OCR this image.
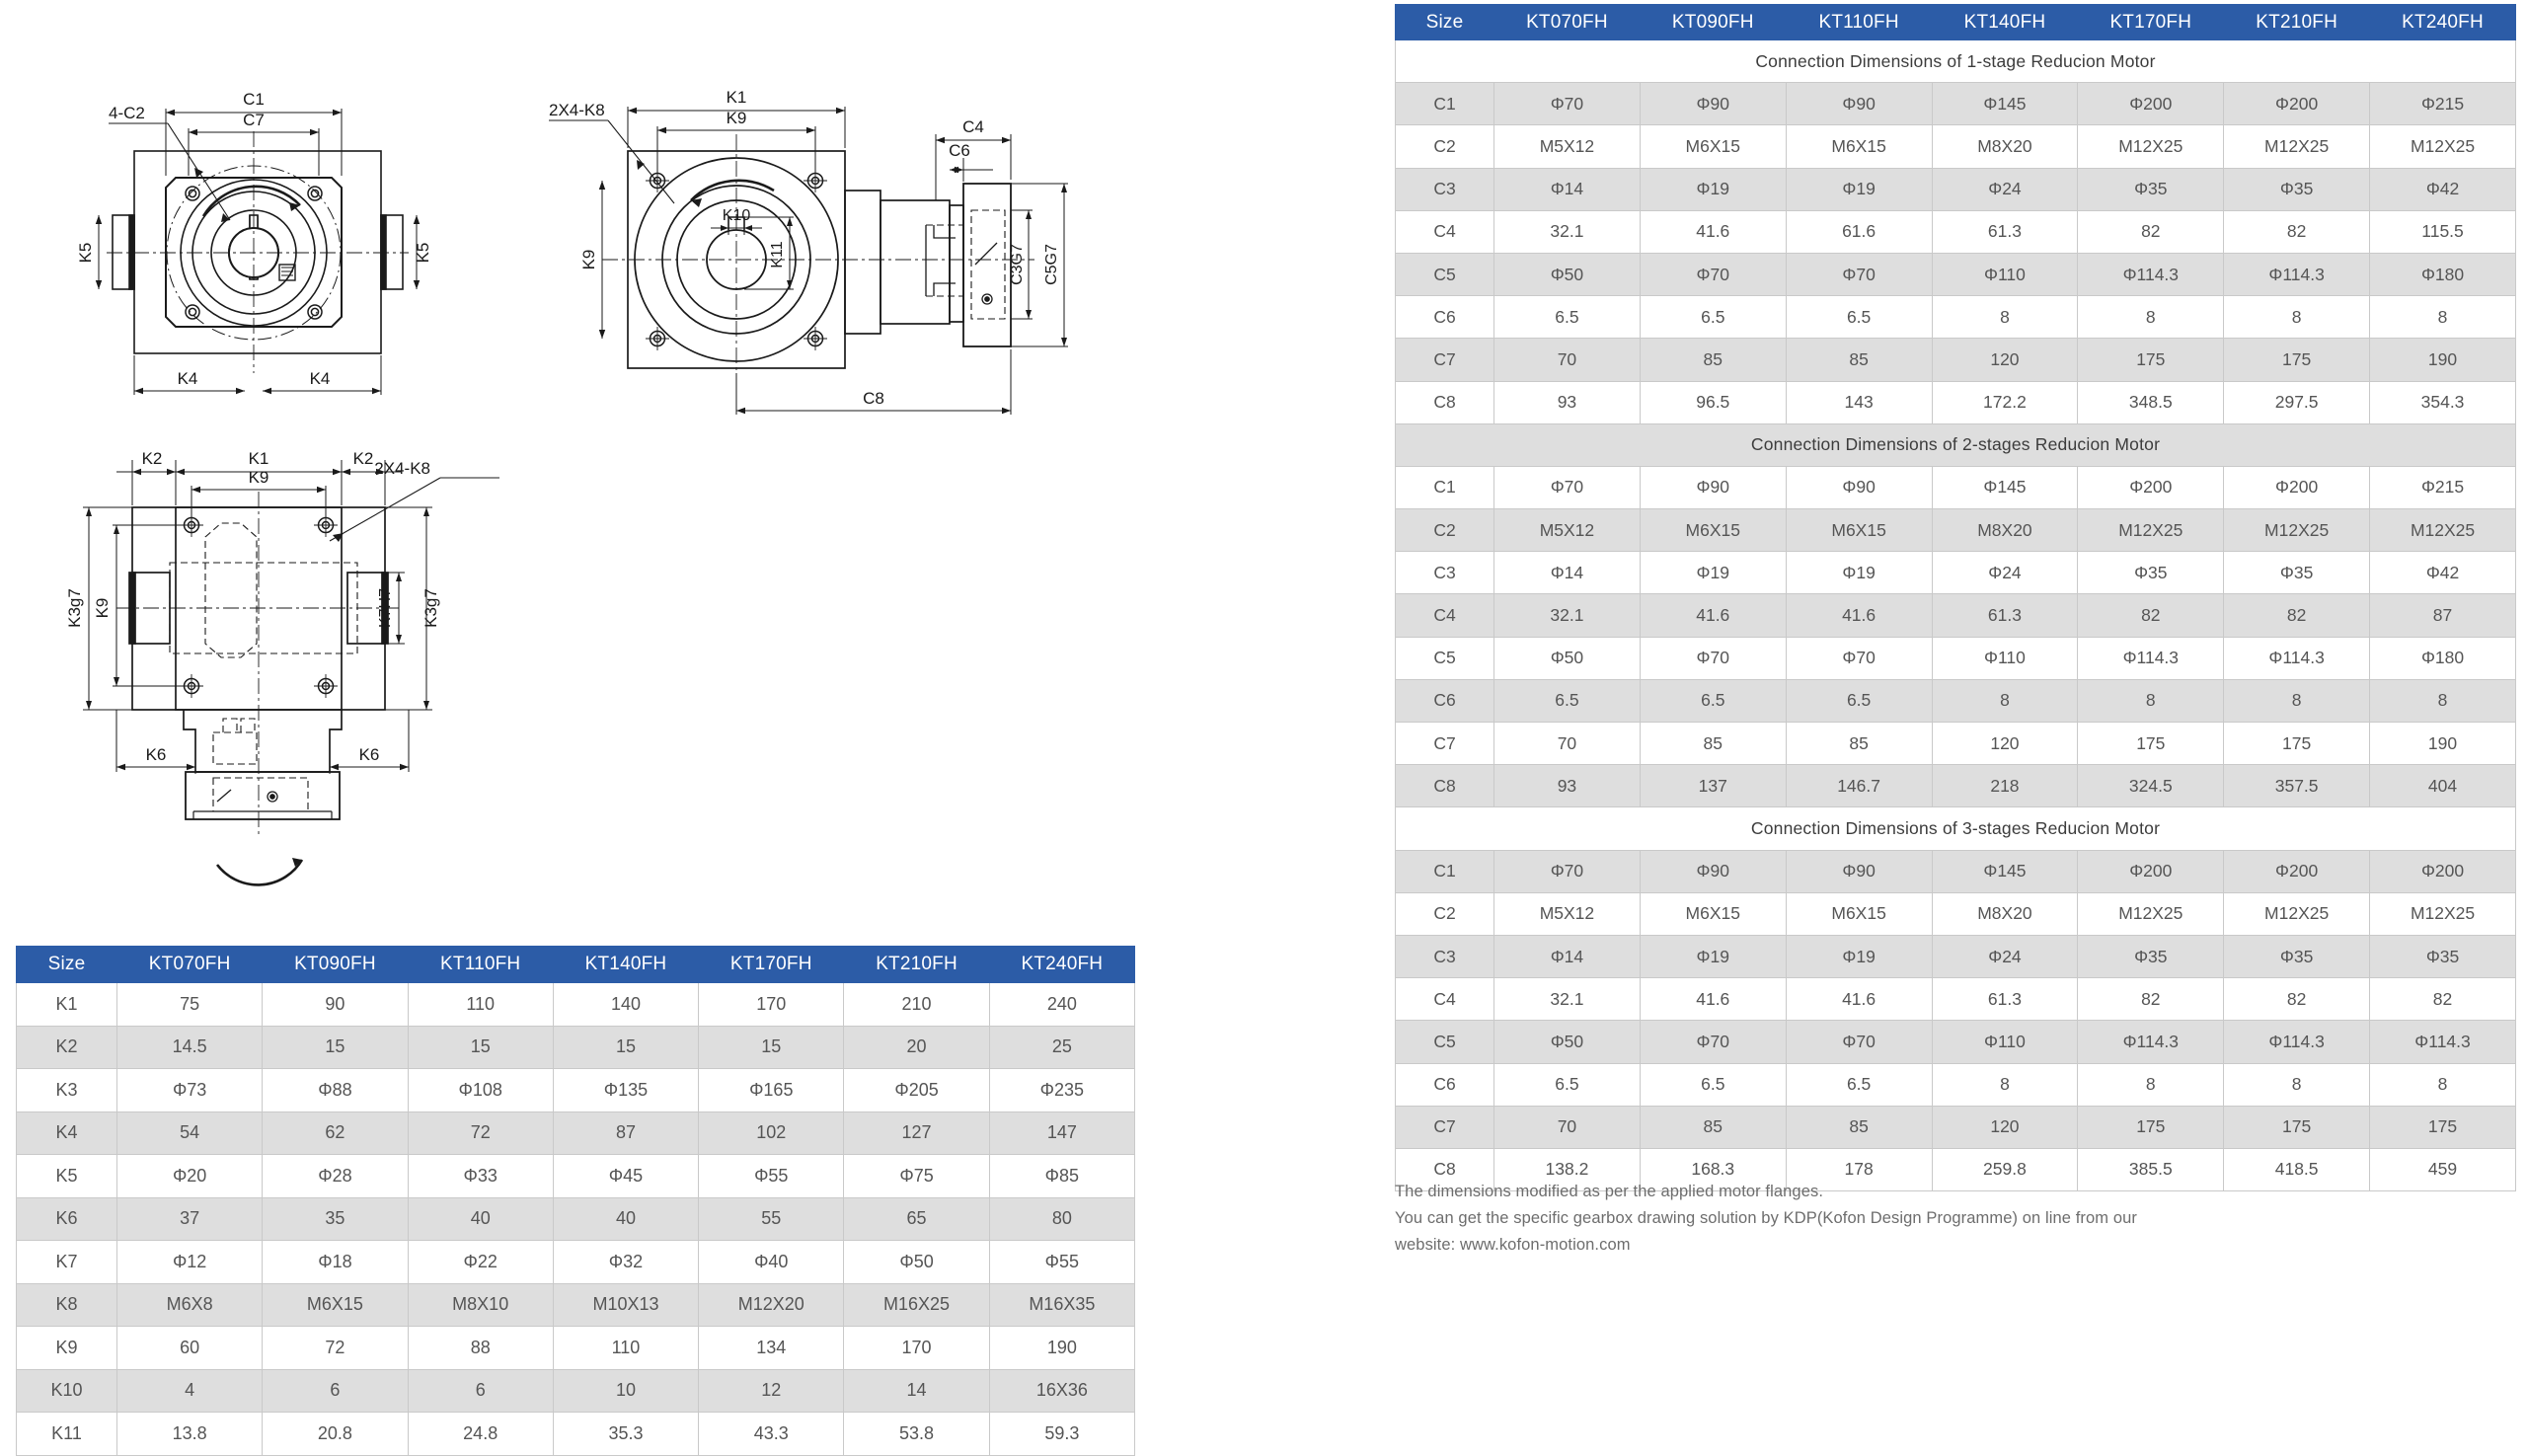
C1
C7
4-C2
K5	K5
K4	K4
K1
K9
2X4-K8
K9
K10
K11
C4
C6
C3G7 C5G7
C8
K2	K2
K1
K9	2X4-K8
K3g7 K9	K3g7
K7H7
K6	K6
Size	KT070FH	KT090FH	KT110FH	KT140FH	KT170FH	KT210FH	KT240FH
K1	75	90	110	140	170	210	240
K2	14.5	15	15	15	15	20	25
K3	Φ73	Φ88	Φ108	Φ135	Φ165	Φ205	Φ235
K4	54	62	72	87	102	127	147
K5	Φ20	Φ28	Φ33	Φ45	Φ55	Φ75	Φ85
K6	37	35	40	40	55	65	80
K7	Φ12	Φ18	Φ22	Φ32	Φ40	Φ50	Φ55
K8	M6X8	M6X15	M8X10	M10X13	M12X20	M16X25	M16X35
K9	60	72	88	110	134	170	190
K10	4	6	6	10	12	14	16X36
K11	13.8	20.8	24.8	35.3	43.3	53.8	59.3
Size	KT070FH	KT090FH	KT110FH	KT140FH	KT170FH	KT210FH	KT240FH
Connection Dimensions of 1-stage Reducion Motor							
C1	Φ70	Φ90	Φ90	Φ145	Φ200	Φ200	Φ215
C2	M5X12	M6X15	M6X15	M8X20	M12X25	M12X25	M12X25
C3	Φ14	Φ19	Φ19	Φ24	Φ35	Φ35	Φ42
C4	32.1	41.6	61.6	61.3	82	82	115.5
C5	Φ50	Φ70	Φ70	Φ110	Φ114.3	Φ114.3	Φ180
C6	6.5	6.5	6.5	8	8	8	8
C7	70	85	85	120	175	175	190
C8	93	96.5	143	172.2	348.5	297.5	354.3
Connection Dimensions of 2-stages Reducion Motor							
C1	Φ70	Φ90	Φ90	Φ145	Φ200	Φ200	Φ215
C2	M5X12	M6X15	M6X15	M8X20	M12X25	M12X25	M12X25
C3	Φ14	Φ19	Φ19	Φ24	Φ35	Φ35	Φ42
C4	32.1	41.6	41.6	61.3	82	82	87
C5	Φ50	Φ70	Φ70	Φ110	Φ114.3	Φ114.3	Φ180
C6	6.5	6.5	6.5	8	8	8	8
C7	70	85	85	120	175	175	190
C8	93	137	146.7	218	324.5	357.5	404
Connection Dimensions of 3-stages Reducion Motor							
C1	Φ70	Φ90	Φ90	Φ145	Φ200	Φ200	Φ200
C2	M5X12	M6X15	M6X15	M8X20	M12X25	M12X25	M12X25
C3	Φ14	Φ19	Φ19	Φ24	Φ35	Φ35	Φ35
C4	32.1	41.6	41.6	61.3	82	82	82
C5	Φ50	Φ70	Φ70	Φ110	Φ114.3	Φ114.3	Φ114.3
C6	6.5	6.5	6.5	8	8	8	8
C7	70	85	85	120	175	175	175
C8	138.2	168.3	178	259.8	385.5	418.5	459
The dimensions modified as per the applied motor flanges.
You can get the specific gearbox drawing solution by KDP(Kofon Design Programme) on line from our
website: www.kofon-motion.com
